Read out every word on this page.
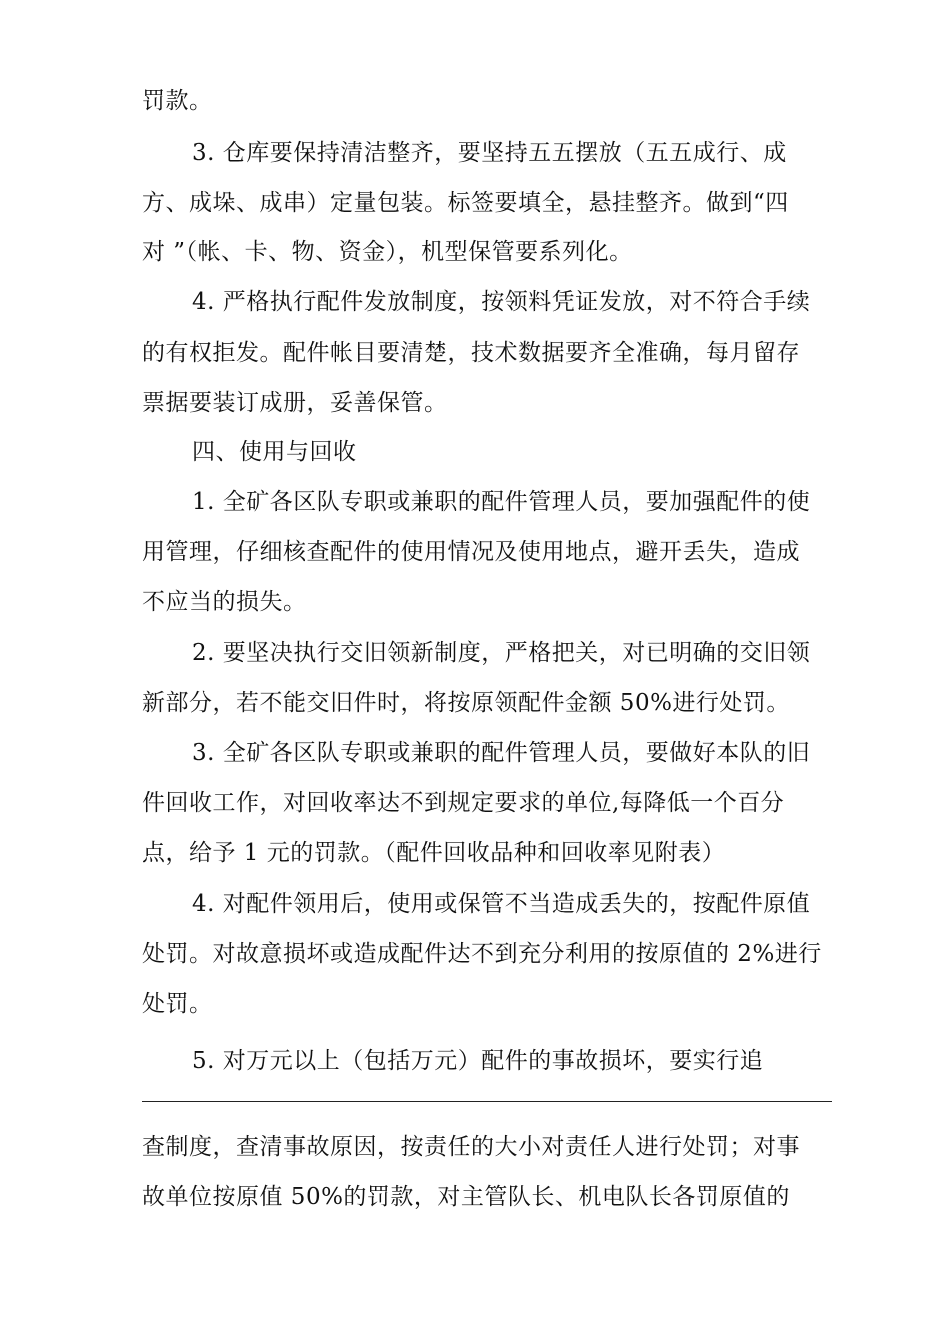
罚款。
3. 仓库要保持清洁整齐，要坚持五五摆放（五五成行、成
方、成垛、成串）定量包装。标签要填全，悬挂整齐。做到“四
对 ”（帐、卡、物、资金），机型保管要系列化。
4. 严格执行配件发放制度，按领料凭证发放，对不符合手续
的有权拒发。配件帐目要清楚，技术数据要齐全准确，每月留存
票据要装订成册，妥善保管。
四、使用与回收
1. 全矿各区队专职或兼职的配件管理人员，要加强配件的使
用管理，仔细核查配件的使用情况及使用地点，避开丢失，造成
不应当的损失。
2. 要坚决执行交旧领新制度，严格把关，对已明确的交旧领
新部分，若不能交旧件时，将按原领配件金额 50%进行处罚。
3. 全矿各区队专职或兼职的配件管理人员，要做好本队的旧
件回收工作，对回收率达不到规定要求的单位,每降低一个百分
点，给予 1 元的罚款。（配件回收品种和回收率见附表）
4. 对配件领用后，使用或保管不当造成丢失的，按配件原值
处罚。对故意损坏或造成配件达不到充分利用的按原值的 2%进行
处罚。
5. 对万元以上（包括万元）配件的事故损坏，要实行追
查制度，查清事故原因，按责任的大小对责任人进行处罚；对事
故单位按原值 50%的罚款，对主管队长、机电队长各罚原值的
